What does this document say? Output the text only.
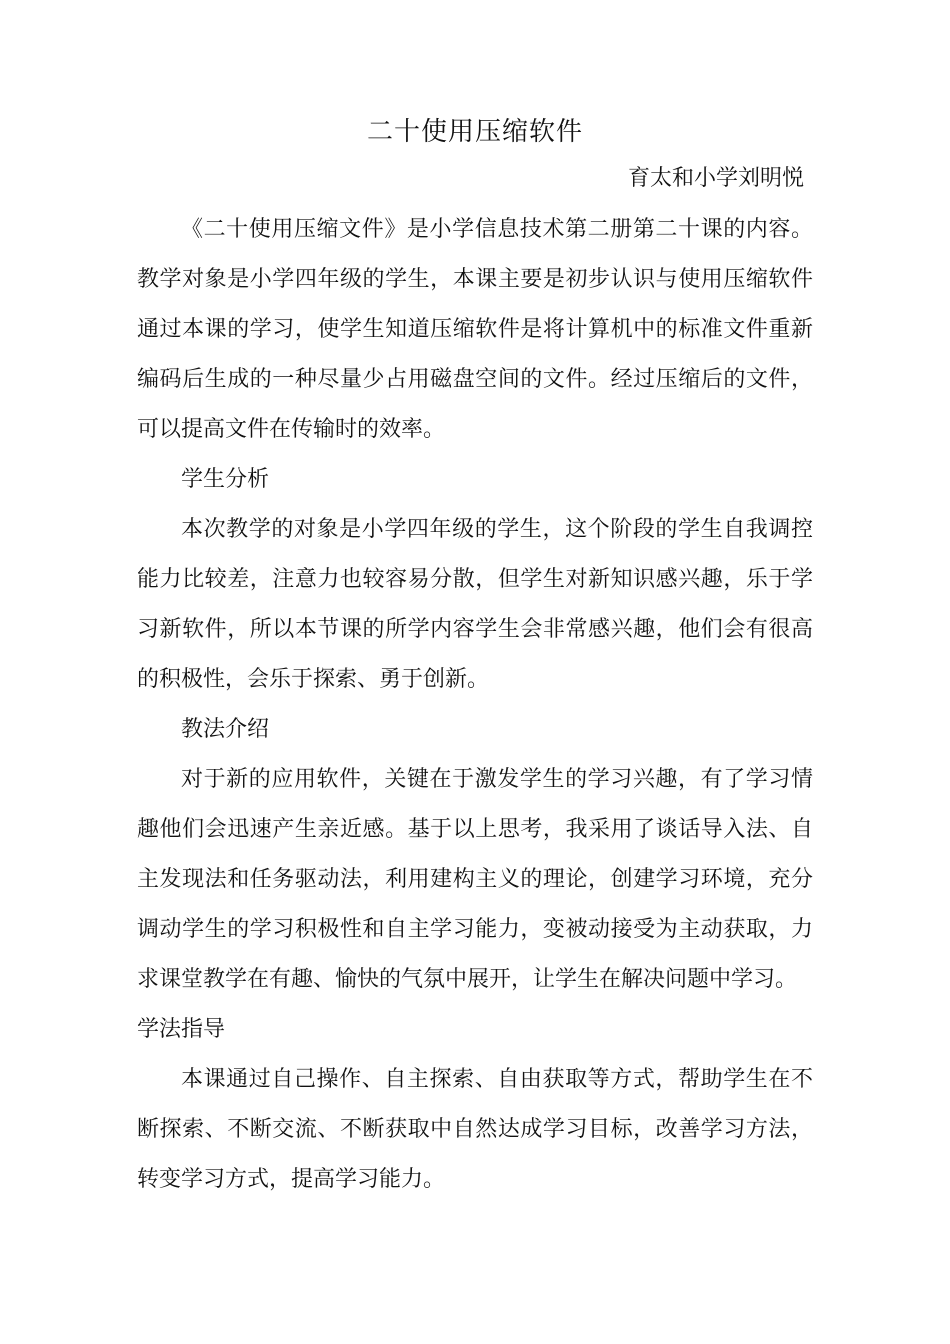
二十使用压缩软件
育太和小学刘明悦

《二十使用压缩文件》是小学信息技术第二册第二十课的内容。教学对象是小学四年级的学生，本课主要是初步认识与使用压缩软件通过本课的学习，使学生知道压缩软件是将计算机中的标准文件重新编码后生成的一种尽量少占用磁盘空间的文件。经过压缩后的文件，可以提高文件在传输时的效率。

学生分析

本次教学的对象是小学四年级的学生，这个阶段的学生自我调控能力比较差，注意力也较容易分散，但学生对新知识感兴趣，乐于学习新软件，所以本节课的所学内容学生会非常感兴趣，他们会有很高的积极性，会乐于探索、勇于创新。

教法介绍

对于新的应用软件，关键在于激发学生的学习兴趣，有了学习情趣他们会迅速产生亲近感。基于以上思考，我采用了谈话导入法、自主发现法和任务驱动法，利用建构主义的理论，创建学习环境，充分调动学生的学习积极性和自主学习能力，变被动接受为主动获取，力求课堂教学在有趣、愉快的气氛中展开，让学生在解决问题中学习。

学法指导

本课通过自己操作、自主探索、自由获取等方式，帮助学生在不断探索、不断交流、不断获取中自然达成学习目标，改善学习方法，转变学习方式，提高学习能力。
